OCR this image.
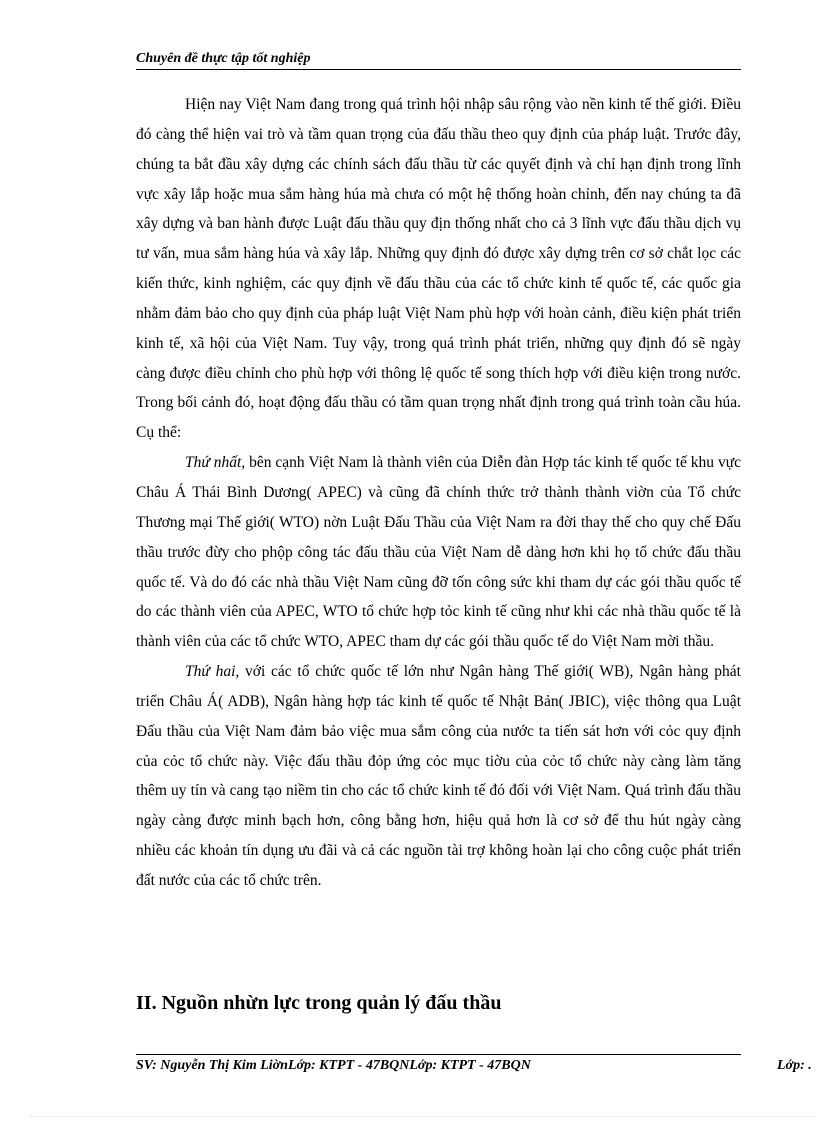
Chuyên đề thực tập tốt nghiệp

Hiện nay Việt Nam đang trong quá trình hội nhập sâu rộng vào nền kinh tế thế giới. Điều đó càng thể hiện vai trò và tầm quan trọng của đấu thầu theo quy định của pháp luật. Trước đây, chúng ta bắt đầu xây dựng các chính sách đấu thầu từ các quyết định và chỉ hạn định trong lĩnh vực xây lắp hoặc mua sắm hàng húa mà chưa có một hệ thống hoàn chỉnh, đến nay chúng ta đã xây dựng và ban hành được Luật đấu thầu quy địn thống nhất cho cả 3 lĩnh vực đấu thầu dịch vụ tư vấn, mua sắm hàng húa và xây lắp. Những quy định đó được xây dựng trên cơ sở chắt lọc các kiến thức, kinh nghiệm, các quy định về đấu thầu của các tổ chức kinh tế quốc tế, các quốc gia nhằm đảm bảo cho quy định của pháp luật Việt Nam phù hợp với hoàn cảnh, điều kiện phát triển kinh tế, xã hội của Việt Nam. Tuy vậy, trong quá trình phát triển, những quy định đó sẽ ngày càng được điều chỉnh cho phù hợp với thông lệ quốc tế song thích hợp với điều kiện trong nước. Trong bối cảnh đó, hoạt động đấu thầu có tầm quan trọng nhất định trong quá trình toàn cầu húa. Cụ thể:

Thứ nhất, bên cạnh Việt Nam là thành viên của Diễn đàn Hợp tác kinh tế quốc tế khu vực Châu Á Thái Bình Dương( APEC) và cũng đã chính thức trở thành thành viờn của Tổ chức Thương mại Thế giới( WTO) nờn Luật Đấu Thầu của Việt Nam ra đời thay thế cho quy chế Đấu thầu trước đừy cho phộp công tác đấu thầu của Việt Nam dễ dàng hơn khi họ tổ chức đấu thầu quốc tế. Và do đó các nhà thầu Việt Nam cũng đỡ tốn công sức khi tham dự các gói thầu quốc tế do các thành viên của APEC, WTO tổ chức hợp tỏc kinh tế cũng như khi các nhà thầu quốc tế là thành viên của các tổ chức WTO, APEC tham dự các gói thầu quốc tế do Việt Nam mời thầu.

Thứ hai, với các tổ chức quốc tế lớn như Ngân hàng Thế giới( WB), Ngân hàng phát triển Châu Á( ADB), Ngân hàng hợp tác kinh tế quốc tế Nhật Bản( JBIC), việc thông qua Luật Đấu thầu của Việt Nam đảm bảo việc mua sắm công của nước ta tiến sát hơn với cỏc quy định của cỏc tổ chức này. Việc đấu thầu đỏp ứng cỏc mục tiờu của cỏc tổ chức này càng làm tăng thêm uy tín và cang tạo niềm tin cho các tổ chức kinh tế đó đối với Việt Nam. Quá trình đấu thầu ngày càng được minh bạch hơn, công bằng hơn, hiệu quả hơn là cơ sở để thu hút ngày càng nhiều các khoản tín dụng ưu đãi và cả các nguồn tài trợ không hoàn lại cho công cuộc phát triển đất nước của các tổ chức trên.

II. Nguồn nhừn lực trong quản lý đấu thầu
SV: Nguyễn Thị Kim LiờnLớp: KTPT - 47BQNLớp: KTPT - 47BQN	Lớp: .
